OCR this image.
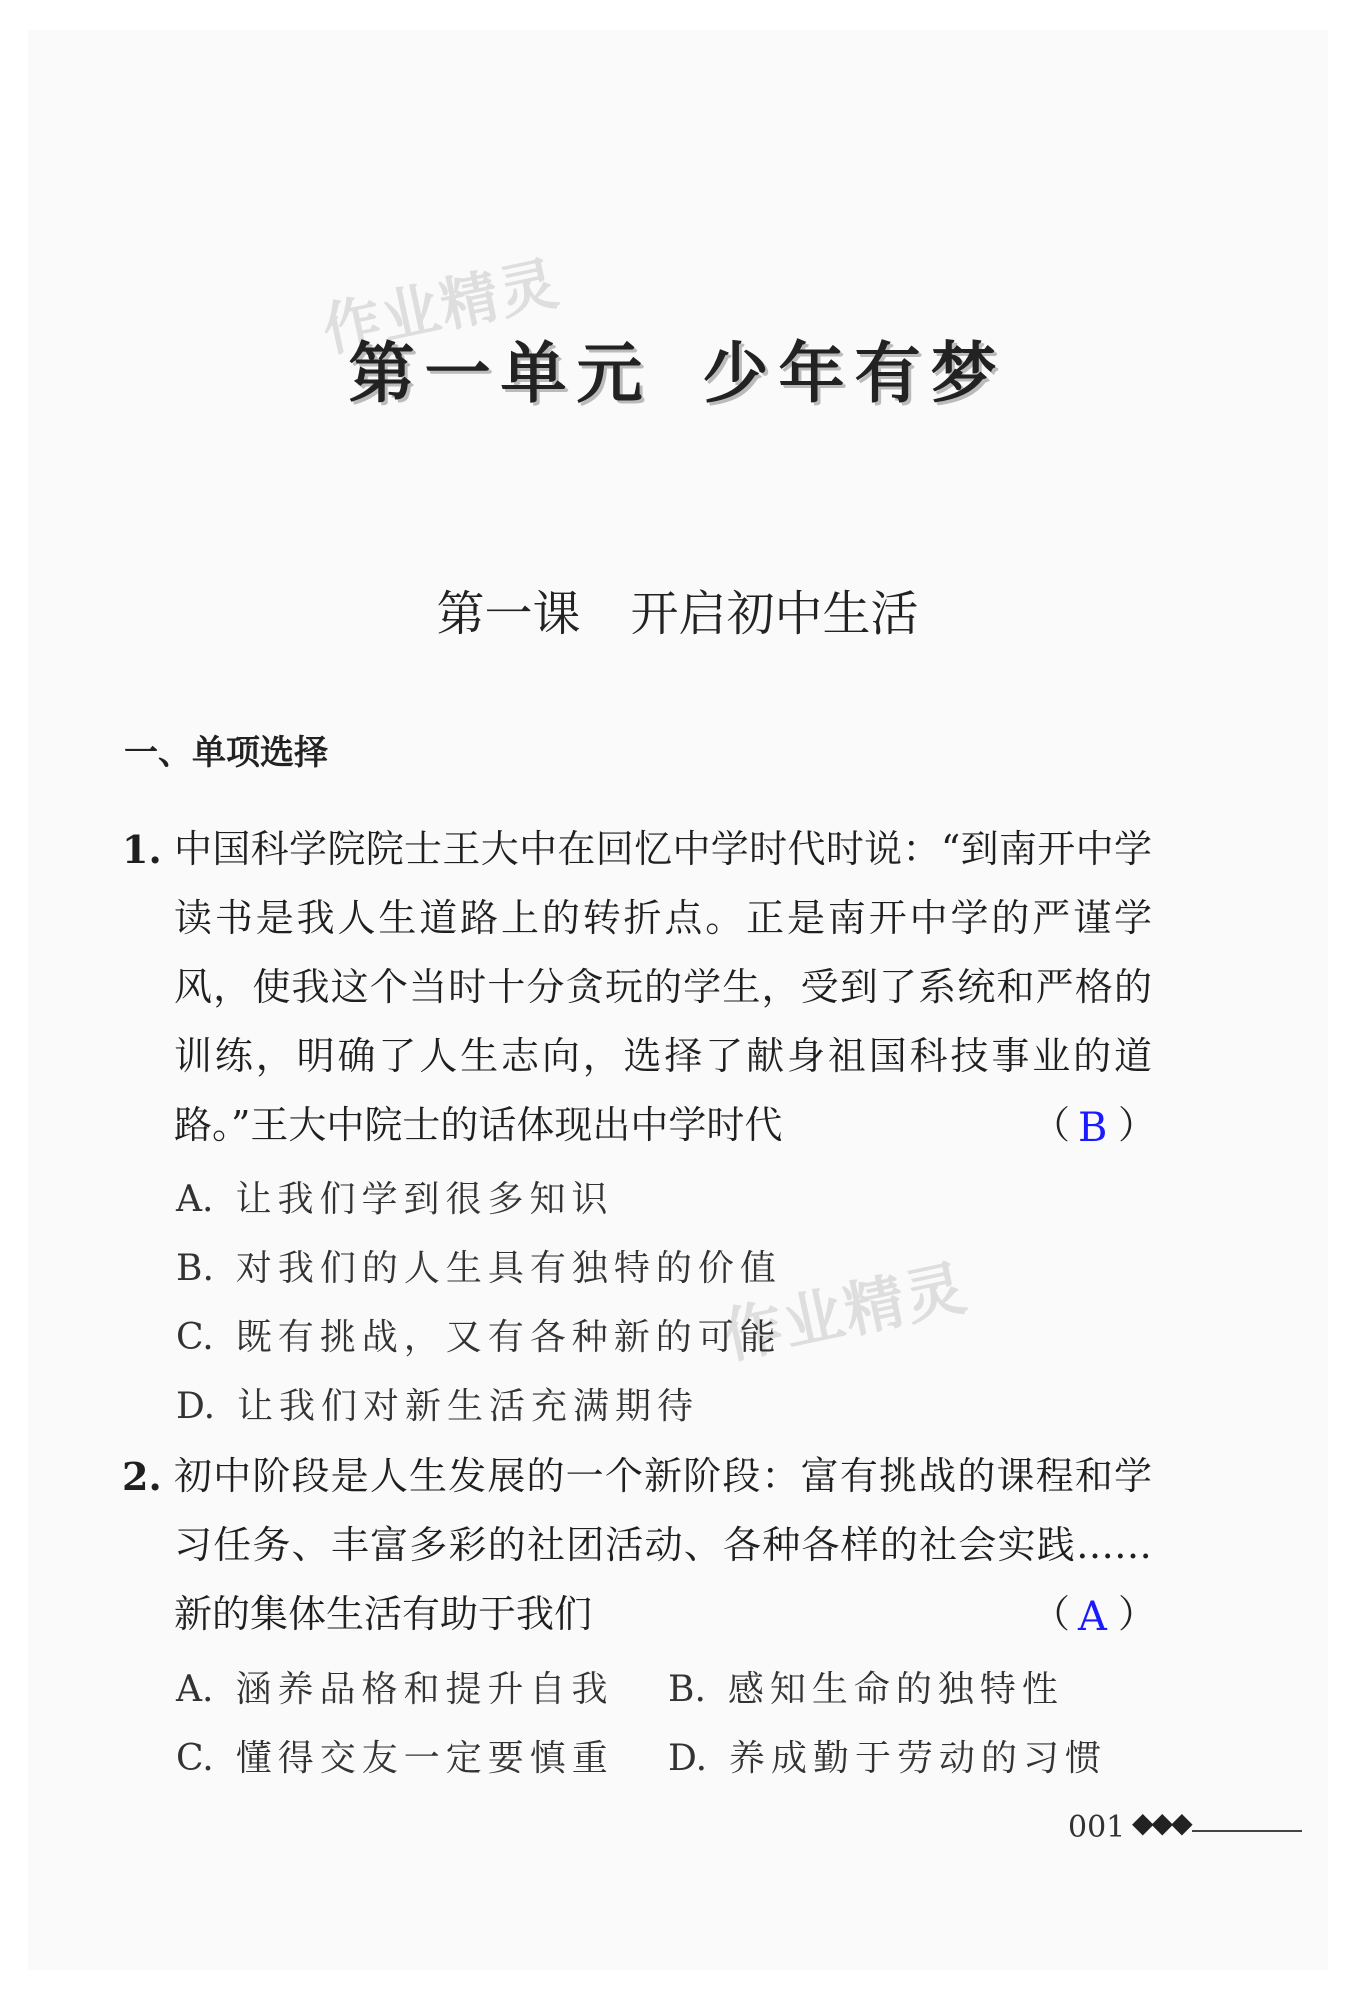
作业精灵
作业精灵
第一单元 少年有梦
第一课 开启初中生活
一、单项选择
1. 中国科学院院士王大中在回忆中学时代时说：“到南开中学读书是我人生道路上的转折点。正是南开中学的严谨学风，使我这个当时十分贪玩的学生，受到了系统和严格的训练，明确了人生志向，选择了献身祖国科技事业的道路。”王大中院士的话体现出中学时代	（ B ）
A. 让我们学到很多知识
B. 对我们的人生具有独特的价值
C. 既有挑战，又有各种新的可能
D. 让我们对新生活充满期待
2. 初中阶段是人生发展的一个新阶段：富有挑战的课程和学习任务、丰富多彩的社团活动、各种各样的社会实践……新的集体生活有助于我们	（ A ）
A. 涵养品格和提升自我 B. 感知生命的独特性
C. 懂得交友一定要慎重 D. 养成勤于劳动的习惯
001 ◆◆◆
